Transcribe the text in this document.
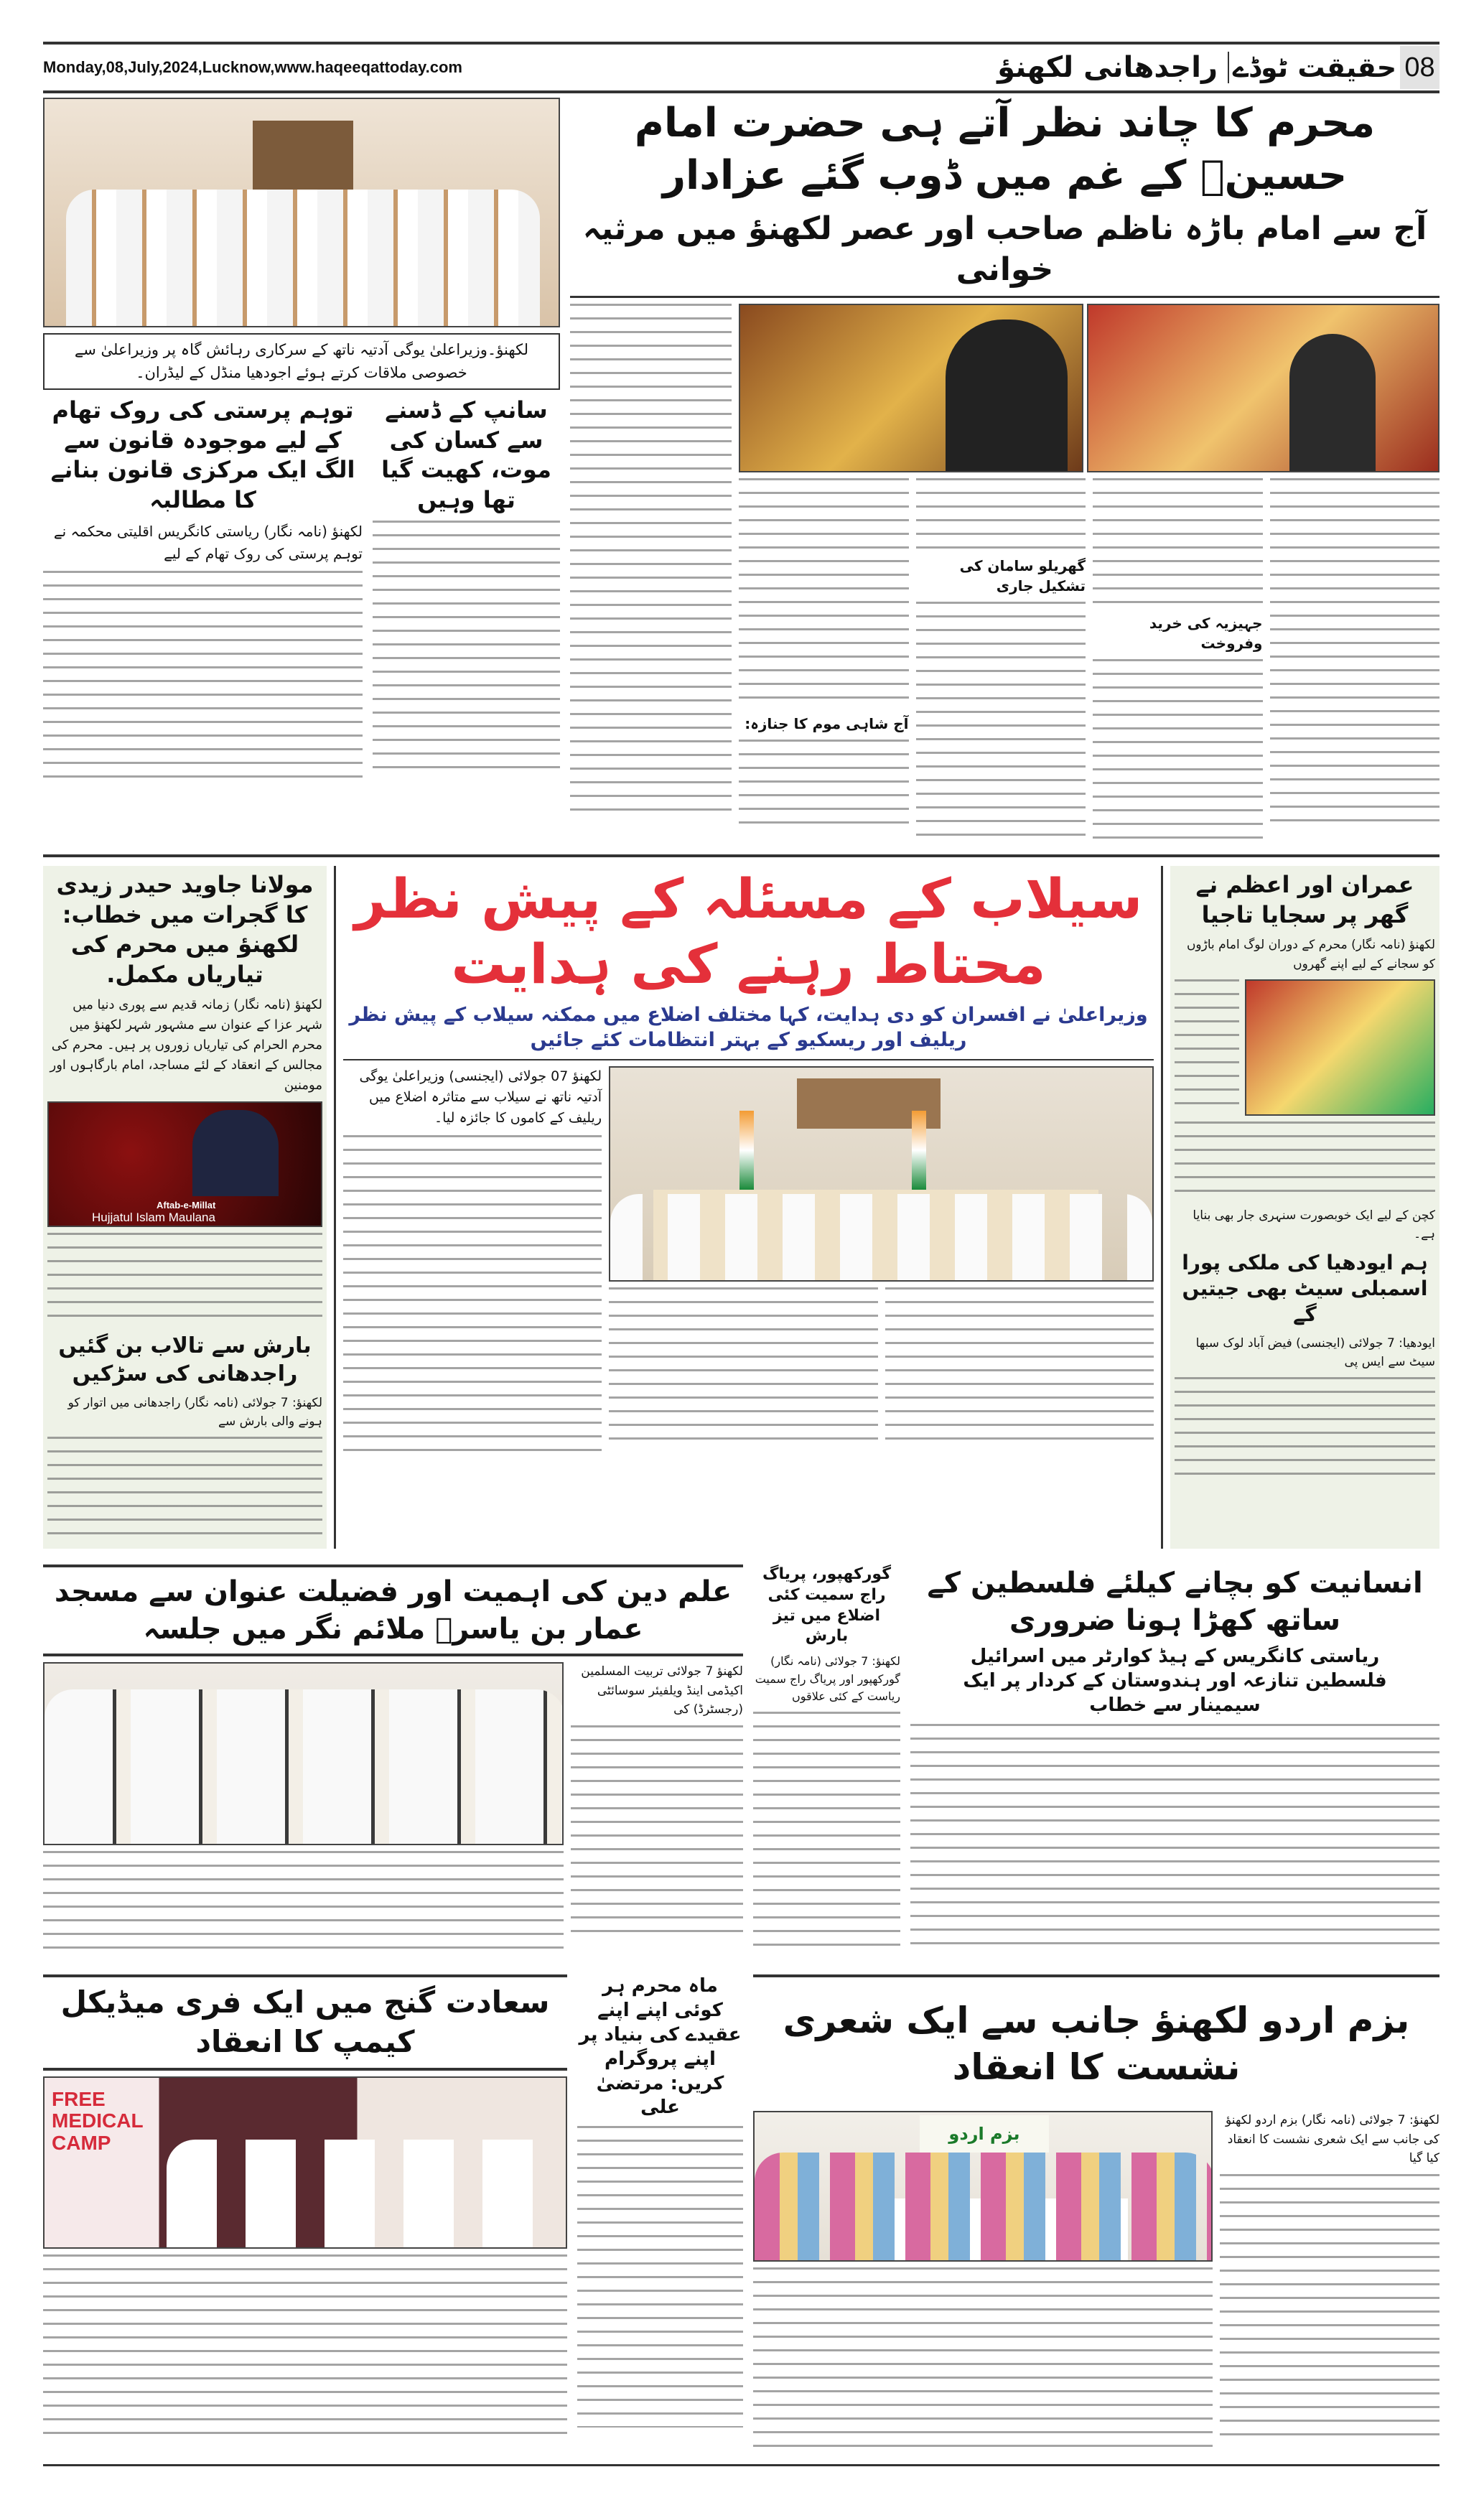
Monday,08,July,2024,Lucknow,www.haqeeqattoday.com	راجدھانی لکھنؤ حقیقت ٹوڈے 08
لکھنؤ۔وزیراعلیٰ یوگی آدتیہ ناتھ کے سرکاری رہائش گاہ پر وزیراعلیٰ سے خصوصی ملاقات کرتے ہوئے اجودھیا منڈل کے لیڈران۔
توہم پرستی کی روک تھام کے لیے موجودہ قانون سے الگ ایک مرکزی قانون بنانے کا مطالبہ
لکھنؤ (نامہ نگار) ریاستی کانگریس اقلیتی محکمہ نے توہم پرستی کی روک تھام کے لیے
سانپ کے ڈسنے سے کسان کی موت، کھیت گیا تھا وہیں
محرم کا چاند نظر آتے ہی حضرت امام حسینؑ کے غم میں ڈوب گئے عزادار
آج سے امام باڑہ ناظم صاحب اور عصر لکھنؤ میں مرثیہ خوانی
آج شاہی موم کا جنازہ:
گھریلو سامان کی تشکیل جاری
جہیزیہ کی خرید وفروخت
مولانا جاوید حیدر زیدی کا گجرات میں خطاب: لکھنؤ میں محرم کی تیاریاں مکمل.
لکھنؤ (نامہ نگار) زمانہ قدیم سے پوری دنیا میں شہر عزا کے عنوان سے مشہور شہر لکھنؤ میں محرم الحرام کی تیاریاں زوروں پر ہیں۔ محرم کی مجالس کے انعقاد کے لئے مساجد، امام بارگاہوں اور مومنین
Aftab-e-Millat
Hujjatul Islam Maulana
بارش سے تالاب بن گئیں راجدھانی کی سڑکیں
لکھنؤ: 7 جولائی (نامہ نگار) راجدھانی میں اتوار کو ہونے والی بارش سے
سیلاب کے مسئلہ کے پیش نظر محتاط رہنے کی ہدایت
وزیراعلیٰ نے افسران کو دی ہدایت، کہا مختلف اضلاع میں ممکنہ سیلاب کے پیش نظر ریلیف اور ریسکیو کے بہتر انتظامات کئے جائیں
لکھنؤ 07 جولائی (ایجنسی) وزیراعلیٰ یوگی آدتیہ ناتھ نے سیلاب سے متاثرہ اضلاع میں ریلیف کے کاموں کا جائزہ لیا۔
عمران اور اعظم نے گھر پر سجایا تاجیا
لکھنؤ (نامہ نگار) محرم کے دوران لوگ امام باڑوں کو سجانے کے لیے اپنے گھروں
کچن کے لیے ایک خوبصورت سنہری جار بھی بنایا ہے۔
ہم ایودھیا کی ملکی پورا اسمبلی سیٹ بھی جیتیں گے
ایودھیا: 7 جولائی (ایجنسی) فیض آباد لوک سبھا سیٹ سے ایس پی
علم دین کی اہمیت اور فضیلت عنوان سے مسجد عمار بن یاسرؓ ملائم نگر میں جلسہ
لکھنؤ 7 جولائی تربیت المسلمین اکیڈمی اینڈ ویلفیئر سوسائٹی (رجسٹرڈ) کی
گورکھپور، پریاگ راج سمیت کئی اضلاع میں تیز بارش
لکھنؤ: 7 جولائی (نامہ نگار) گورکھپور اور پریاگ راج سمیت ریاست کے کئی علاقوں
انسانیت کو بچانے کیلئے فلسطین کے ساتھ کھڑا ہونا ضروری
ریاستی کانگریس کے ہیڈ کوارٹر میں اسرائیل فلسطین تنازعہ اور ہندوستان کے کردار پر ایک سیمینار سے خطاب
سعادت گنج میں ایک فری میڈیکل کیمپ کا انعقاد
FREE MEDICAL CAMP
ماہ محرم ہر کوئی اپنے اپنے عقیدے کی بنیاد پر اپنے پروگرام کریں: مرتضیٰ علی
بزم اردو لکھنؤ جانب سے ایک شعری نشست کا انعقاد
بزم اردو
لکھنؤ: 7 جولائی (نامہ نگار) بزم اردو لکھنؤ کی جانب سے ایک شعری نشست کا انعقاد کیا گیا
